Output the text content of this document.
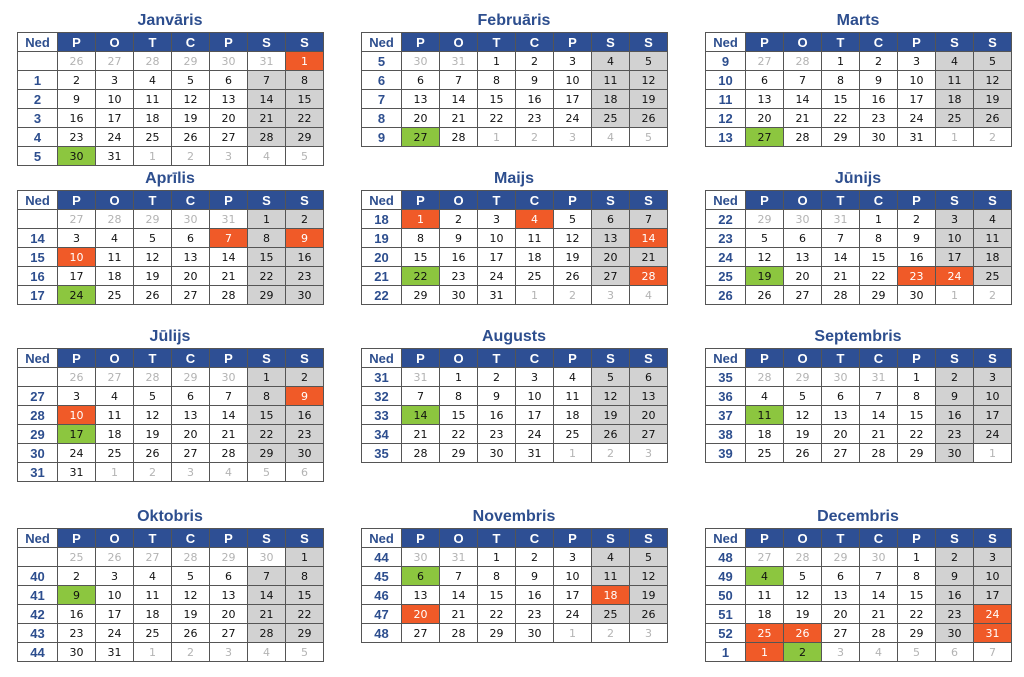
Janvāris
Ned	P	O	T	C	P	S	S
	26	27	28	29	30	31	1
1	2	3	4	5	6	7	8
2	9	10	11	12	13	14	15
3	16	17	18	19	20	21	22
4	23	24	25	26	27	28	29
5	30	31	1	2	3	4	5
Februāris
Ned	P	O	T	C	P	S	S
5	30	31	1	2	3	4	5
6	6	7	8	9	10	11	12
7	13	14	15	16	17	18	19
8	20	21	22	23	24	25	26
9	27	28	1	2	3	4	5
Marts
Ned	P	O	T	C	P	S	S
9	27	28	1	2	3	4	5
10	6	7	8	9	10	11	12
11	13	14	15	16	17	18	19
12	20	21	22	23	24	25	26
13	27	28	29	30	31	1	2
Aprīlis
Ned	P	O	T	C	P	S	S
	27	28	29	30	31	1	2
14	3	4	5	6	7	8	9
15	10	11	12	13	14	15	16
16	17	18	19	20	21	22	23
17	24	25	26	27	28	29	30
Maijs
Ned	P	O	T	C	P	S	S
18	1	2	3	4	5	6	7
19	8	9	10	11	12	13	14
20	15	16	17	18	19	20	21
21	22	23	24	25	26	27	28
22	29	30	31	1	2	3	4
Jūnijs
Ned	P	O	T	C	P	S	S
22	29	30	31	1	2	3	4
23	5	6	7	8	9	10	11
24	12	13	14	15	16	17	18
25	19	20	21	22	23	24	25
26	26	27	28	29	30	1	2
Jūlijs
Ned	P	O	T	C	P	S	S
	26	27	28	29	30	1	2
27	3	4	5	6	7	8	9
28	10	11	12	13	14	15	16
29	17	18	19	20	21	22	23
30	24	25	26	27	28	29	30
31	31	1	2	3	4	5	6
Augusts
Ned	P	O	T	C	P	S	S
31	31	1	2	3	4	5	6
32	7	8	9	10	11	12	13
33	14	15	16	17	18	19	20
34	21	22	23	24	25	26	27
35	28	29	30	31	1	2	3
Septembris
Ned	P	O	T	C	P	S	S
35	28	29	30	31	1	2	3
36	4	5	6	7	8	9	10
37	11	12	13	14	15	16	17
38	18	19	20	21	22	23	24
39	25	26	27	28	29	30	1
Oktobris
Ned	P	O	T	C	P	S	S
	25	26	27	28	29	30	1
40	2	3	4	5	6	7	8
41	9	10	11	12	13	14	15
42	16	17	18	19	20	21	22
43	23	24	25	26	27	28	29
44	30	31	1	2	3	4	5
Novembris
Ned	P	O	T	C	P	S	S
44	30	31	1	2	3	4	5
45	6	7	8	9	10	11	12
46	13	14	15	16	17	18	19
47	20	21	22	23	24	25	26
48	27	28	29	30	1	2	3
Decembris
Ned	P	O	T	C	P	S	S
48	27	28	29	30	1	2	3
49	4	5	6	7	8	9	10
50	11	12	13	14	15	16	17
51	18	19	20	21	22	23	24
52	25	26	27	28	29	30	31
1	1	2	3	4	5	6	7
